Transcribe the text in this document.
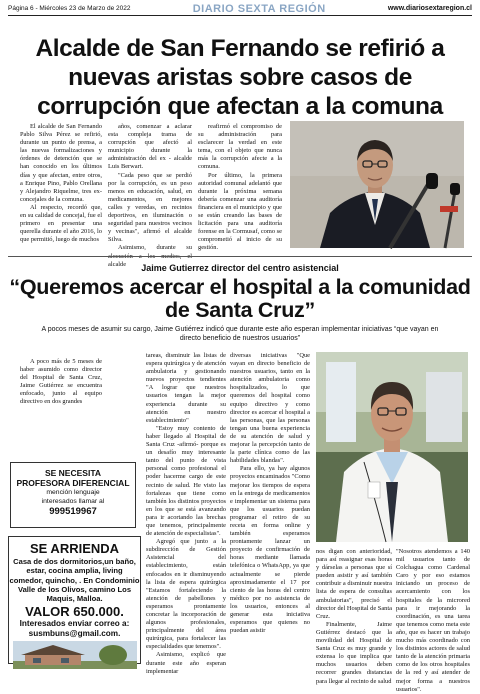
Página 6 - Miércoles 23 de Marzo de 2022	DIARIO SEXTA REGIÓN	www.diariosextaregion.cl
Alcalde de San Fernando se refirió a nuevas aristas sobre casos de corrupción que afectan a la comuna

El alcalde de San Fernando Pablo Silva Pérez se refirió, durante un punto de prensa, a las nuevas formalizaciones y órdenes de detención que se han conocido en los últimos días y que afectan, entre otros, a Enrique Pino, Pablo Orellana y Alejandro Riquelme, tres ex-concejales de la comuna.

Al respecto, recordó que, en su calidad de concejal, fue el primero en presentar una querella durante el año 2016, lo que permitió, luego de muchos

años, comenzar a aclarar esta compleja trama de corrupción que afectó al municipio durante la administración del ex - alcalde Luis Berwart.

"Cada peso que se perdió por la corrupción, es un peso menos en educación, salud, en medicamentos, en mejores calles y veredas, en recintos deportivos, en iluminación o seguridad para nuestros vecinos y vecinas", afirmó el alcalde Silva.

Asimismo, durante su alocución a los medios, el alcalde

reafirmó el compromiso de su administración para esclarecer la verdad en este tema, con el objeto que nunca más la corrupción afecte a la comuna.

Por último, la primera autoridad comunal adelantó que durante la próxima semana debería comenzar una auditoría financiera en el municipio y que se están creando las bases de licitación para una auditoría forense en la Cormusaf, como se comprometió al inicio de su gestión.

Jaime Gutierrez director del centro asistencial
“Queremos acercar el hospital a la comunidad de Santa Cruz”
A pocos meses de asumir su cargo, Jaime Gutiérrez indicó que durante este año esperan implementar iniciativas “que vayan en directo beneficio de nuestros usuarios”

A poco más de 5 meses de haber asumido como director del Hospital de Santa Cruz, Jaime Gutiérrez se encuentra enfocado, junto al equipo directivo en dos grandes

tareas, disminuir las listas de espera quirúrgica y de atención ambulatoria y gestionando nuevos proyectos tendientes "A lograr que nuestros usuarios tengan la mejor experiencia durante su atención en nuestro establecimiento"

"Estoy muy contento de haber llegado al Hospital de Santa Cruz -afirmó- porque es un desafío muy interesante tanto del punto de vista personal como profesional el poder hacerme cargo de este recinto de salud. He visto las fortalezas que tiene como también los distintos proyectos en los que se está avanzando para ir acortando las brechas que tenemos, principalmente de atención de especialistas".

Agregó que junto a la subdirección de Gestión Asistencial del establecimiento, están enfocados en ir disminuyendo la lista de espera quirúrgica "Estamos fortaleciendo la atención de pabellones y esperamos prontamente concretar la incorporación de algunos profesionales, principalmente del área quirúrgica, para fortalecer las especialidades que tenemos".

Asimismo, explicó que durante este año esperan implementar

diversas iniciativas "Que vayan en directo beneficio de nuestros usuarios, tanto en la atención ambulatoria como hospitalizados, lo que queremos del hospital como equipo directivo y como director es acercar el hospital a las personas, que las personas tengan una buena experiencia de su atención de salud y mejorar la percepción tanto de la parte clínica como de las habilidades blandas".

Para ello, ya hay algunos proyectos encaminados "Como mejorar los tiempos de espera en la entrega de medicamentos e implementar un sistema para que los usuarios puedan programar el retiro de su receta en forma online y también esperamos prontamente lanzar un proyecto de confirmación de horas mediante llamada telefónica o WhatsApp, ya que actualmente se pierde aproximadamente el 17 por ciento de las horas del centro médico por no asistencia de los usuarios, entonces al generar esta iniciativa esperamos que quienes no puedan asistir

nos digan con anterioridad, para así reasignar esas horas y dárselas a personas que sí pueden asistir y así también contribuir a disminuir nuestra lista de espera de consultas ambulatorias", precisó el director del Hospital de Santa Cruz.

Finalmente, Jaime Gutiérrez destacó que la movilidad del Hospital de Santa Cruz es muy grande y extensa lo que implica que muchos usuarios deben recorrer grandes distancias para llegar al recinto de salud

"Nosotros atendemos a 140 mil usuarios tanto de Colchagua como Cardenal Caro y por eso estamos iniciando un proceso de acercamiento con los hospitales de la microred para ir mejorando la coordinación, es una tarea que tenemos como meta este año, que es hacer un trabajo mucho más coordinado con los distintos actores de salud tanto de la atención primaria como de los otros hospitales de la red y así atender de mejor forma a nuestros usuarios".

SE NECESITA
PROFESORA DIFERENCIAL
mención lenguaje
interesados llamar al
999519967
SE ARRIENDA
Casa de dos dormitorios,un baño, estar, cocina amplia, living comedor, quincho, . En Condominio Valle de los Olivos, camino Los Maquis, Malloa.
VALOR 650.000.
Interesados enviar correo a:
susmbuns@gmail.com.
